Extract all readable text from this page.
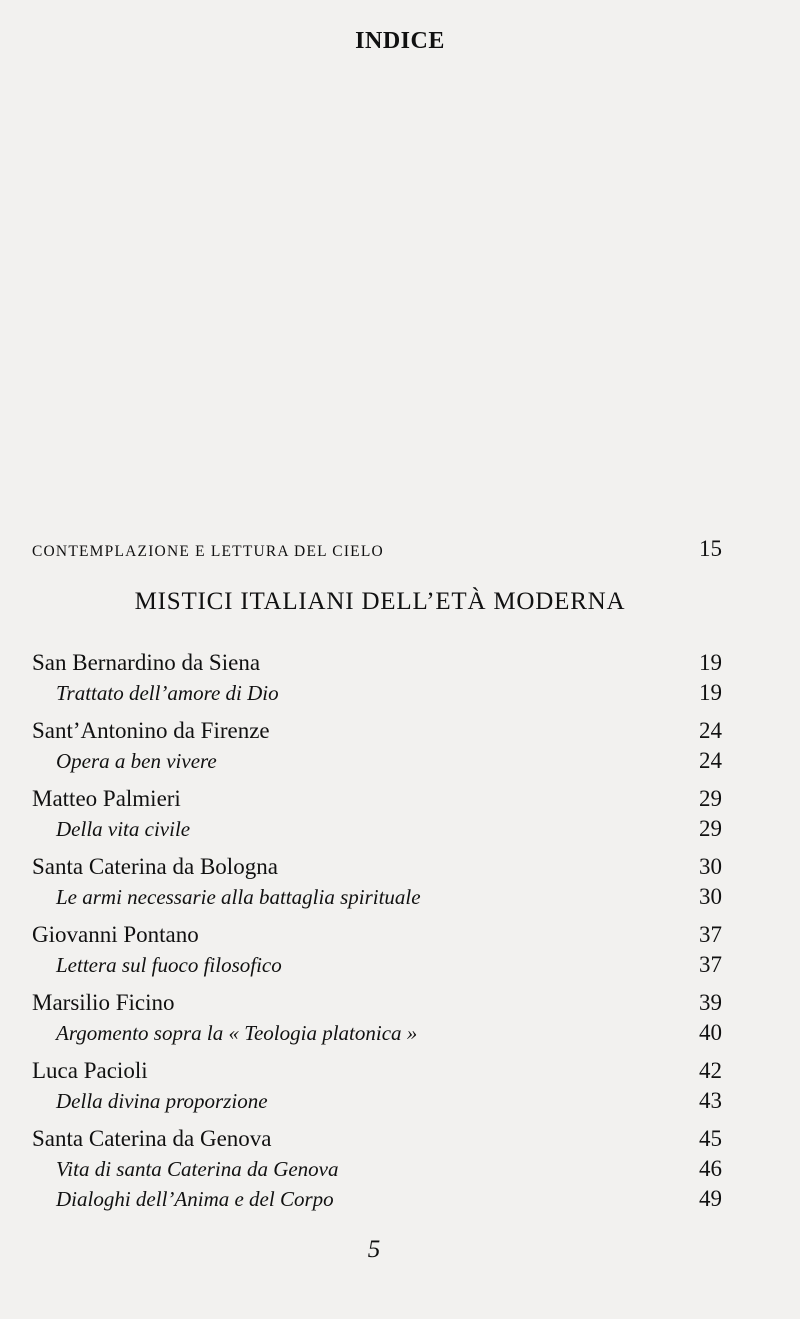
INDICE
CONTEMPLAZIONE E LETTURA DEL CIELO	15
MISTICI ITALIANI DELL’ETÀ MODERNA
San Bernardino da Siena	19
Trattato dell’amore di Dio	19
Sant’Antonino da Firenze	24
Opera a ben vivere	24
Matteo Palmieri	29
Della vita civile	29
Santa Caterina da Bologna	30
Le armi necessarie alla battaglia spirituale	30
Giovanni Pontano	37
Lettera sul fuoco filosofico	37
Marsilio Ficino	39
Argomento sopra la « Teologia platonica »	40
Luca Pacioli	42
Della divina proporzione	43
Santa Caterina da Genova	45
Vita di santa Caterina da Genova	46
Dialoghi dell’Anima e del Corpo	49
5
